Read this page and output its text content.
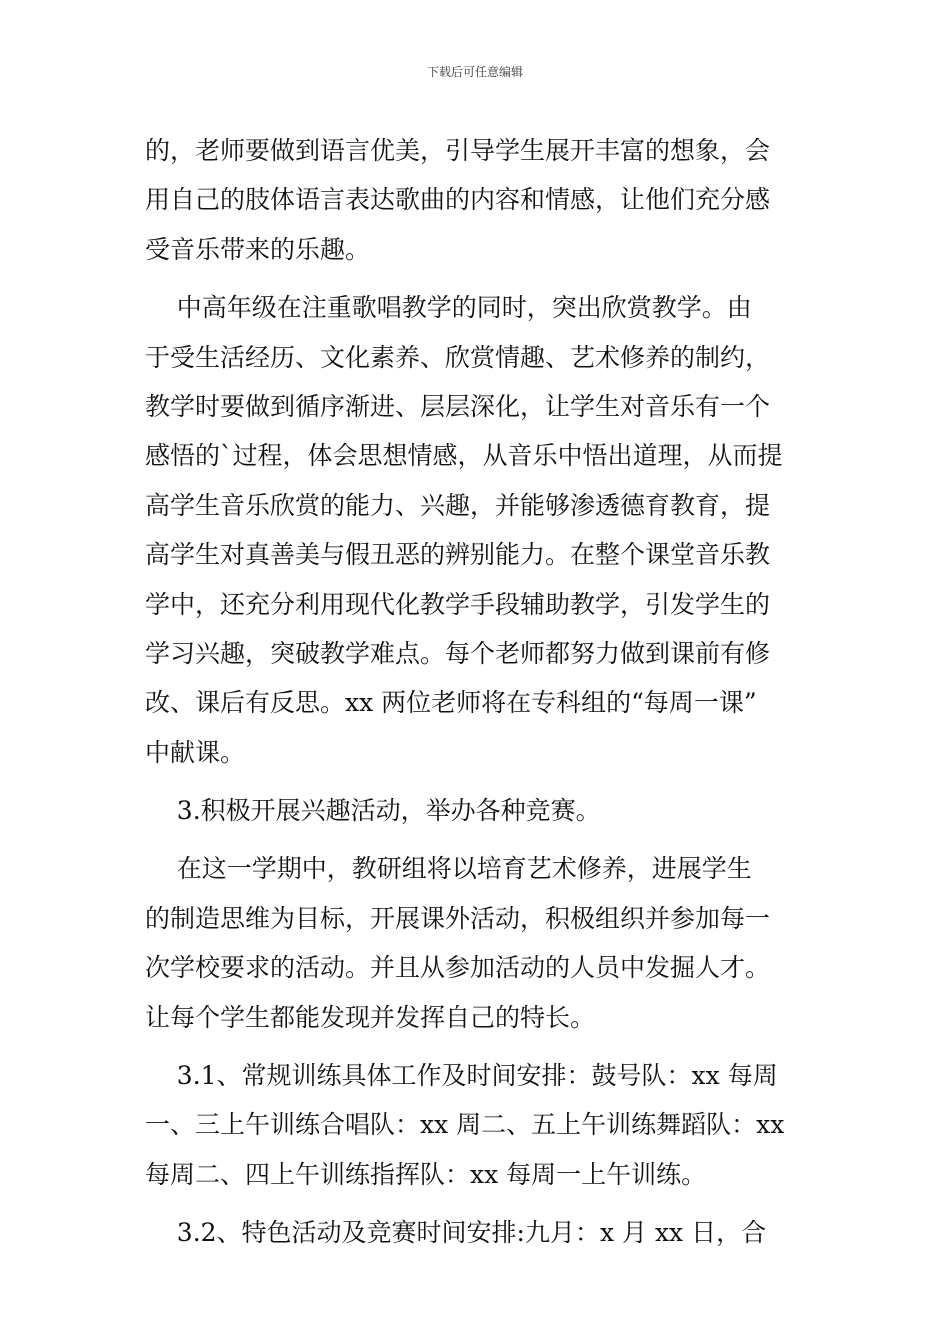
下载后可任意编辑
的，老师要做到语言优美，引导学生展开丰富的想象，会
用自己的肢体语言表达歌曲的内容和情感，让他们充分感
受音乐带来的乐趣。
中高年级在注重歌唱教学的同时，突出欣赏教学。由
于受生活经历、文化素养、欣赏情趣、艺术修养的制约，
教学时要做到循序渐进、层层深化，让学生对音乐有一个
感悟的`过程，体会思想情感，从音乐中悟出道理，从而提
高学生音乐欣赏的能力、兴趣，并能够渗透德育教育，提
高学生对真善美与假丑恶的辨别能力。在整个课堂音乐教
学中，还充分利用现代化教学手段辅助教学，引发学生的
学习兴趣，突破教学难点。每个老师都努力做到课前有修
改、课后有反思。xx 两位老师将在专科组的“每周一课”
中献课。
3.积极开展兴趣活动，举办各种竞赛。
在这一学期中，教研组将以培育艺术修养，进展学生
的制造思维为目标，开展课外活动，积极组织并参加每一
次学校要求的活动。并且从参加活动的人员中发掘人才。
让每个学生都能发现并发挥自己的特长。
3.1、常规训练具体工作及时间安排：鼓号队：xx 每周
一、三上午训练合唱队：xx 周二、五上午训练舞蹈队：xx
每周二、四上午训练指挥队：xx 每周一上午训练。
3.2、特色活动及竞赛时间安排:九月：x 月 xx 日，合
